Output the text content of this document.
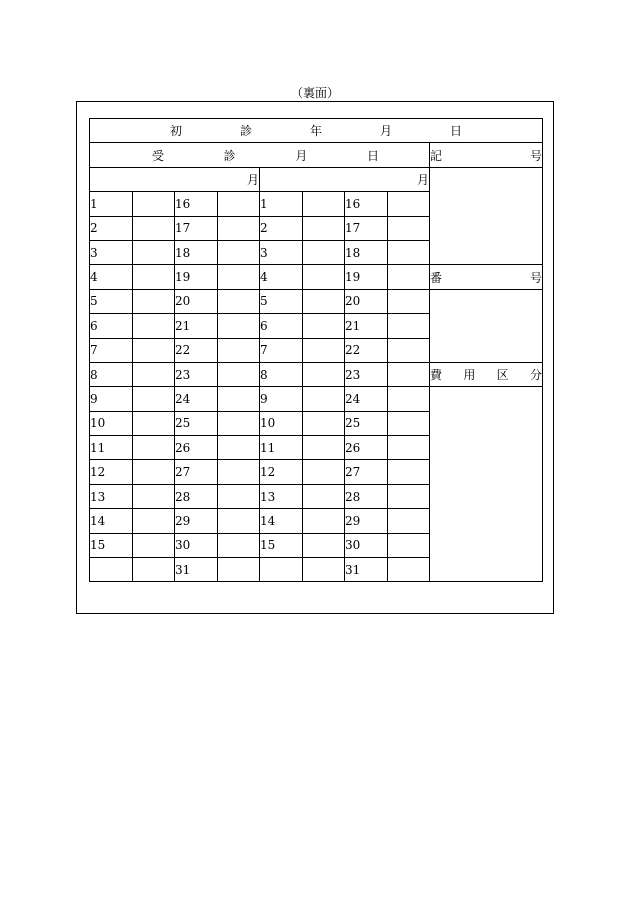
（裏面）
初 診 年 月 日								

受 診 月 日								記 号

月				月				
1		16		1		16		
2		17		2		17		
3		18		3		18		
4		19		4		19		番 号

5		20		5		20		
6		21		6		21		
7		22		7		22		
8		23		8		23		費 用 区 分

9		24		9		24		
10		25		10		25		
11		26		11		26		
12		27		12		27		
13		28		13		28		
14		29		14		29		
15		30		15		30		
		31				31		
